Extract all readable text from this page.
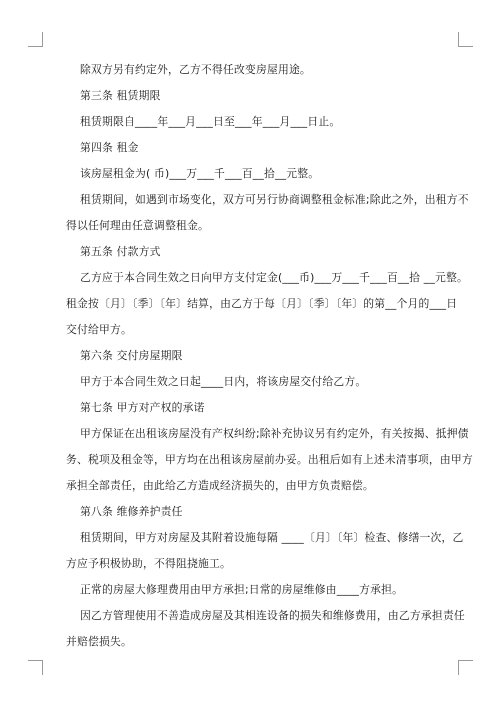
除双方另有约定外，乙方不得任改变房屋用途。

第三条 租赁期限

租赁期限自____年___月___日至___年___月___日止。

第四条 租金

该房屋租金为( 币)___万___千___百__拾__元整。

租赁期间，如遇到市场变化，双方可另行协商调整租金标准;除此之外，出租方不

得以任何理由任意调整租金。

第五条 付款方式

乙方应于本合同生效之日向甲方支付定金(___币)___万___千___百__拾 __元整。

租金按〔月〕〔季〕〔年〕结算，由乙方于每〔月〕〔季〕〔年〕的第__个月的___日

交付给甲方。

第六条 交付房屋期限

甲方于本合同生效之日起____日内，将该房屋交付给乙方。

第七条 甲方对产权的承诺

甲方保证在出租该房屋没有产权纠纷;除补充协议另有约定外，有关按揭、抵押债

务、税项及租金等，甲方均在出租该房屋前办妥。出租后如有上述未清事项，由甲方

承担全部责任，由此给乙方造成经济损失的，由甲方负责赔偿。

第八条 维修养护责任

租赁期间，甲方对房屋及其附着设施每隔 ____〔月〕〔年〕检查、修缮一次，乙

方应予积极协助，不得阻挠施工。

正常的房屋大修理费用由甲方承担;日常的房屋维修由____方承担。

因乙方管理使用不善造成房屋及其相连设备的损失和维修费用，由乙方承担责任

并赔偿损失。
